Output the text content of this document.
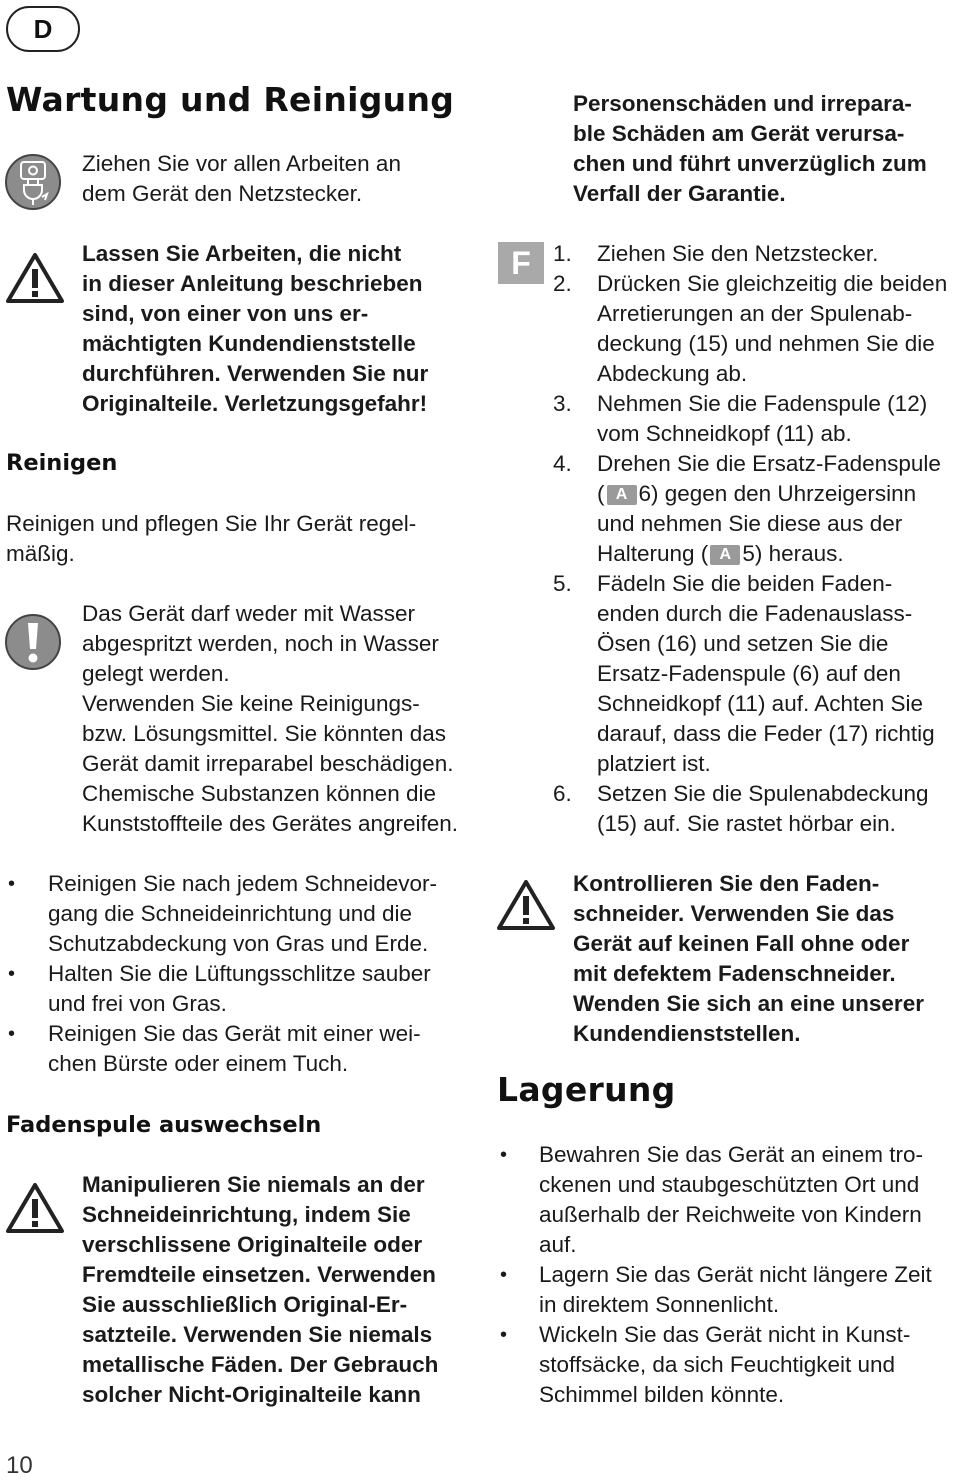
D
Wartung und Reinigung
Ziehen Sie vor allen Arbeiten an
dem Gerät den Netzstecker.
Lassen Sie Arbeiten, die nicht
in dieser Anleitung beschrieben
sind, von einer von uns er-
mächtigten Kundendienststelle
durchführen. Verwenden Sie nur
Originalteile. Verletzungsgefahr!
Reinigen
Reinigen und pflegen Sie Ihr Gerät regel-
mäßig.
Das Gerät darf weder mit Wasser
abgespritzt werden, noch in Wasser
gelegt werden.
Verwenden Sie keine Reinigungs-
bzw. Lösungsmittel. Sie könnten das
Gerät damit irreparabel beschädigen.
Chemische Substanzen können die
Kunststoffteile des Gerätes angreifen.
• Reinigen Sie nach jedem Schneidevor-
gang die Schneideinrichtung und die
Schutzabdeckung von Gras und Erde.
• Halten Sie die Lüftungsschlitze sauber
und frei von Gras.
• Reinigen Sie das Gerät mit einer wei-
chen Bürste oder einem Tuch.
Fadenspule auswechseln
Manipulieren Sie niemals an der
Schneideinrichtung, indem Sie
verschlissene Originalteile oder
Fremdteile einsetzen. Verwenden
Sie ausschließlich Original-Er-
satzteile. Verwenden Sie niemals
metallische Fäden. Der Gebrauch
solcher Nicht-Originalteile kann
10
Personenschäden und irrepara-
ble Schäden am Gerät verursa-
chen und führt unverzüglich zum
Verfall der Garantie.
F 1. Ziehen Sie den Netzstecker.
2. Drücken Sie gleichzeitig die beiden
Arretierungen an der Spulenab-
deckung (15) und nehmen Sie die
Abdeckung ab.
3. Nehmen Sie die Fadenspule (12)
vom Schneidkopf (11) ab.
4. Drehen Sie die Ersatz-Fadenspule
( A 6) gegen den Uhrzeigersinn
und nehmen Sie diese aus der
Halterung ( A 5) heraus.
5. Fädeln Sie die beiden Faden-
enden durch die Fadenauslass-
Ösen (16) und setzen Sie die
Ersatz-Fadenspule (6) auf den
Schneidkopf (11) auf. Achten Sie
darauf, dass die Feder (17) richtig
platziert ist.
6. Setzen Sie die Spulenabdeckung
(15) auf. Sie rastet hörbar ein.
Kontrollieren Sie den Faden-
schneider. Verwenden Sie das
Gerät auf keinen Fall ohne oder
mit defektem Fadenschneider.
Wenden Sie sich an eine unserer
Kundendienststellen.
Lagerung
• Bewahren Sie das Gerät an einem tro-
ckenen und staubgeschützten Ort und
außerhalb der Reichweite von Kindern
auf.
• Lagern Sie das Gerät nicht längere Zeit
in direktem Sonnenlicht.
• Wickeln Sie das Gerät nicht in Kunst-
stoffsäcke, da sich Feuchtigkeit und
Schimmel bilden könnte.
